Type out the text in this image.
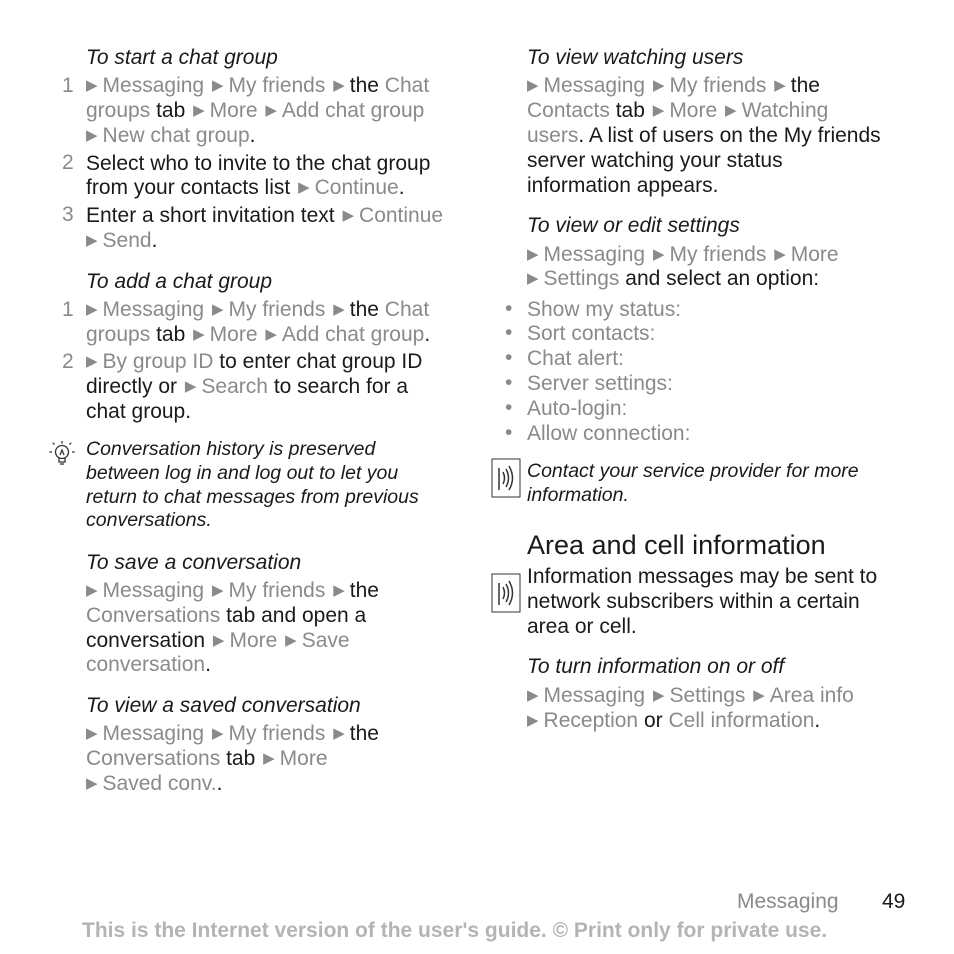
To start a chat group
1 ▶ Messaging ▶ My friends ▶ the Chat
groups tab ▶ More ▶ Add chat group
▶ New chat group.
2 Select who to invite to the chat group
from your contacts list ▶ Continue.
3 Enter a short invitation text ▶ Continue
▶ Send.
To add a chat group
1 ▶ Messaging ▶ My friends ▶ the Chat
groups tab ▶ More ▶ Add chat group.
2 ▶ By group ID to enter chat group ID
directly or ▶ Search to search for a
chat group.
Conversation history is preserved
between log in and log out to let you
return to chat messages from previous
conversations.
To save a conversation
▶ Messaging ▶ My friends ▶ the
Conversations tab and open a
conversation ▶ More ▶ Save
conversation.
To view a saved conversation
▶ Messaging ▶ My friends ▶ the
Conversations tab ▶ More
▶ Saved conv..
To view watching users
▶ Messaging ▶ My friends ▶ the
Contacts tab ▶ More ▶ Watching
users. A list of users on the My friends
server watching your status
information appears.
To view or edit settings
▶ Messaging ▶ My friends ▶ More
▶ Settings and select an option:
• Show my status:
• Sort contacts:
• Chat alert:
• Server settings:
• Auto-login:
• Allow connection:
Contact your service provider for more
information.
Area and cell information
Information messages may be sent to
network subscribers within a certain
area or cell.
To turn information on or off
▶ Messaging ▶ Settings ▶ Area info
▶ Reception or Cell information.
Messaging 49
This is the Internet version of the user's guide. © Print only for private use.
